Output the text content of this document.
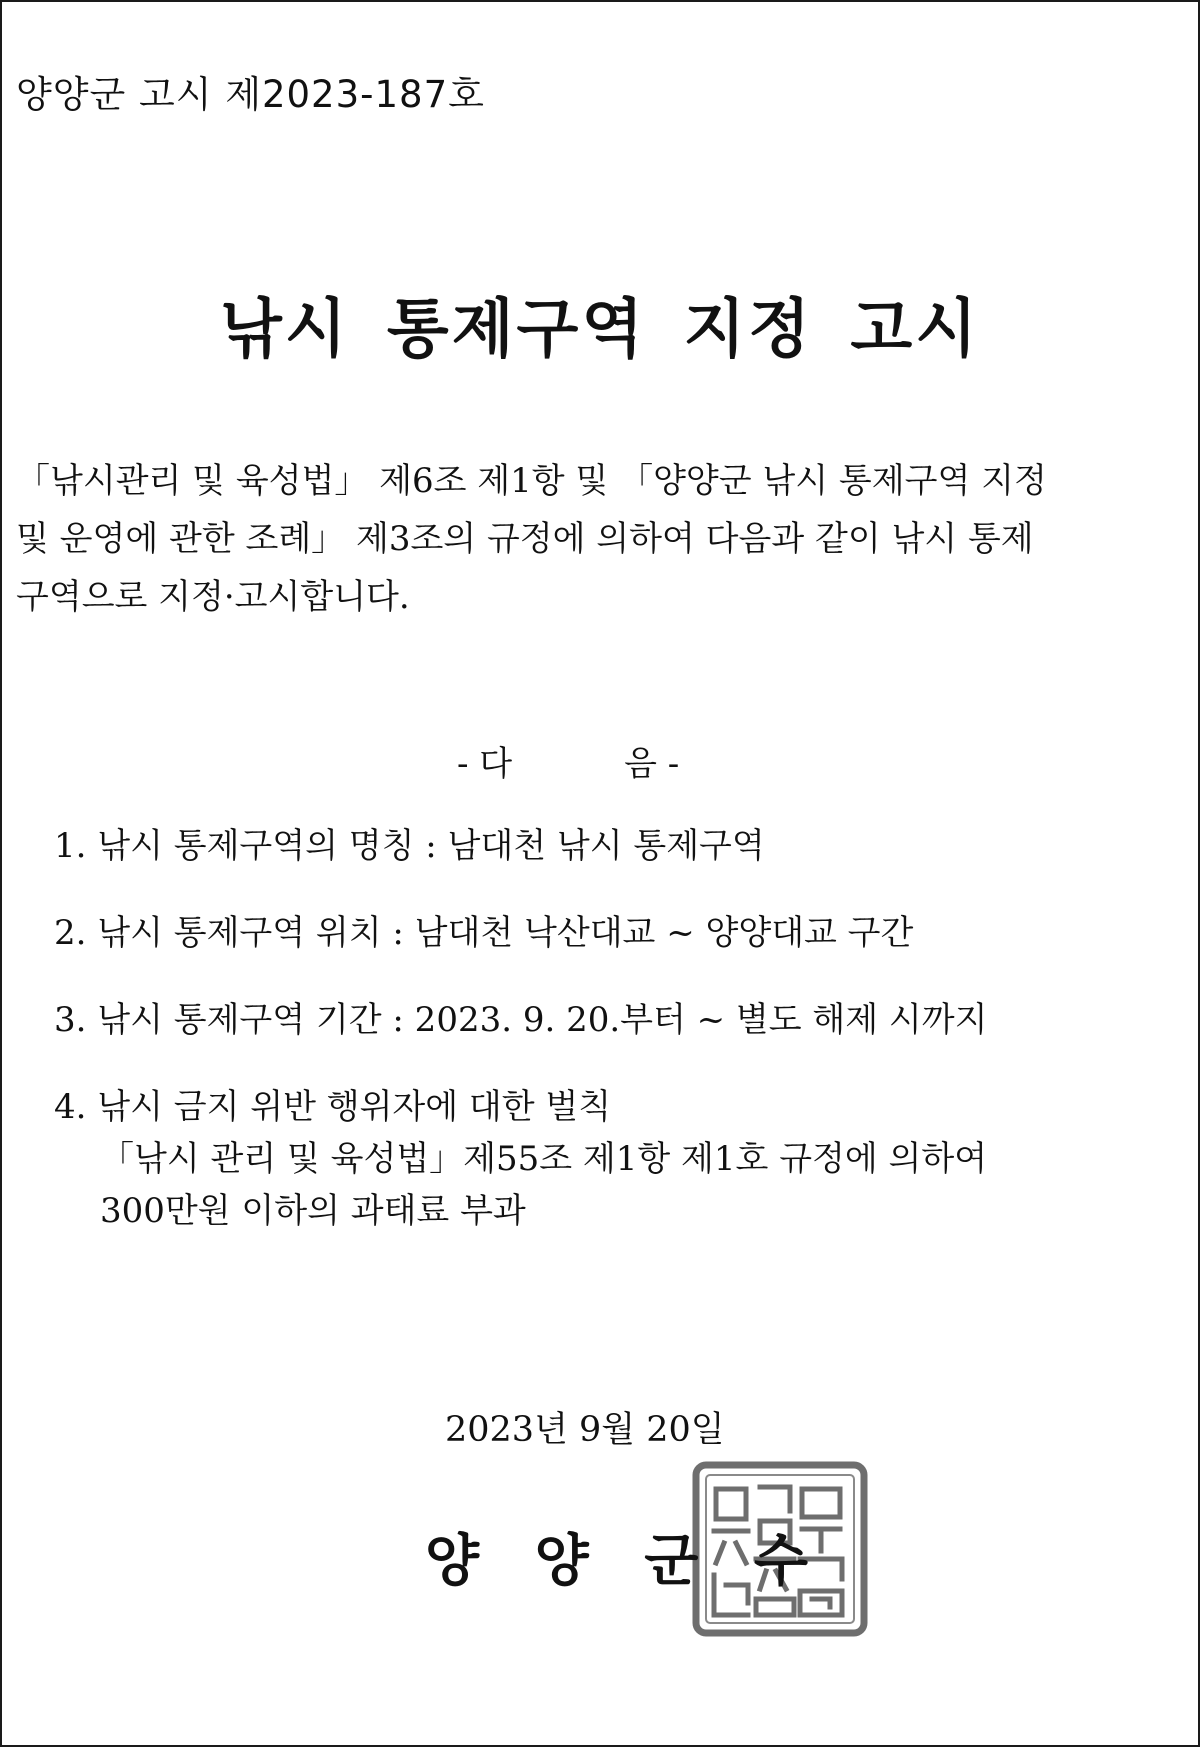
양양군 고시 제2023-187호
낚시 통제구역 지정 고시
「낚시관리 및 육성법」 제6조 제1항 및 「양양군 낚시 통제구역 지정
및 운영에 관한 조례」 제3조의 규정에 의하여 다음과 같이 낚시 통제
구역으로 지정·고시합니다.
- 다	음 -
1. 낚시 통제구역의 명칭 : 남대천 낚시 통제구역
2. 낚시 통제구역 위치 : 남대천 낙산대교 ~ 양양대교 구간
3. 낚시 통제구역 기간 : 2023. 9. 20.부터 ~ 별도 해제 시까지
4. 낚시 금지 위반 행위자에 대한 벌칙
「낚시 관리 및 육성법」제55조 제1항 제1호 규정에 의하여
300만원 이하의 과태료 부과
2023년 9월 20일
양 양 군 수
